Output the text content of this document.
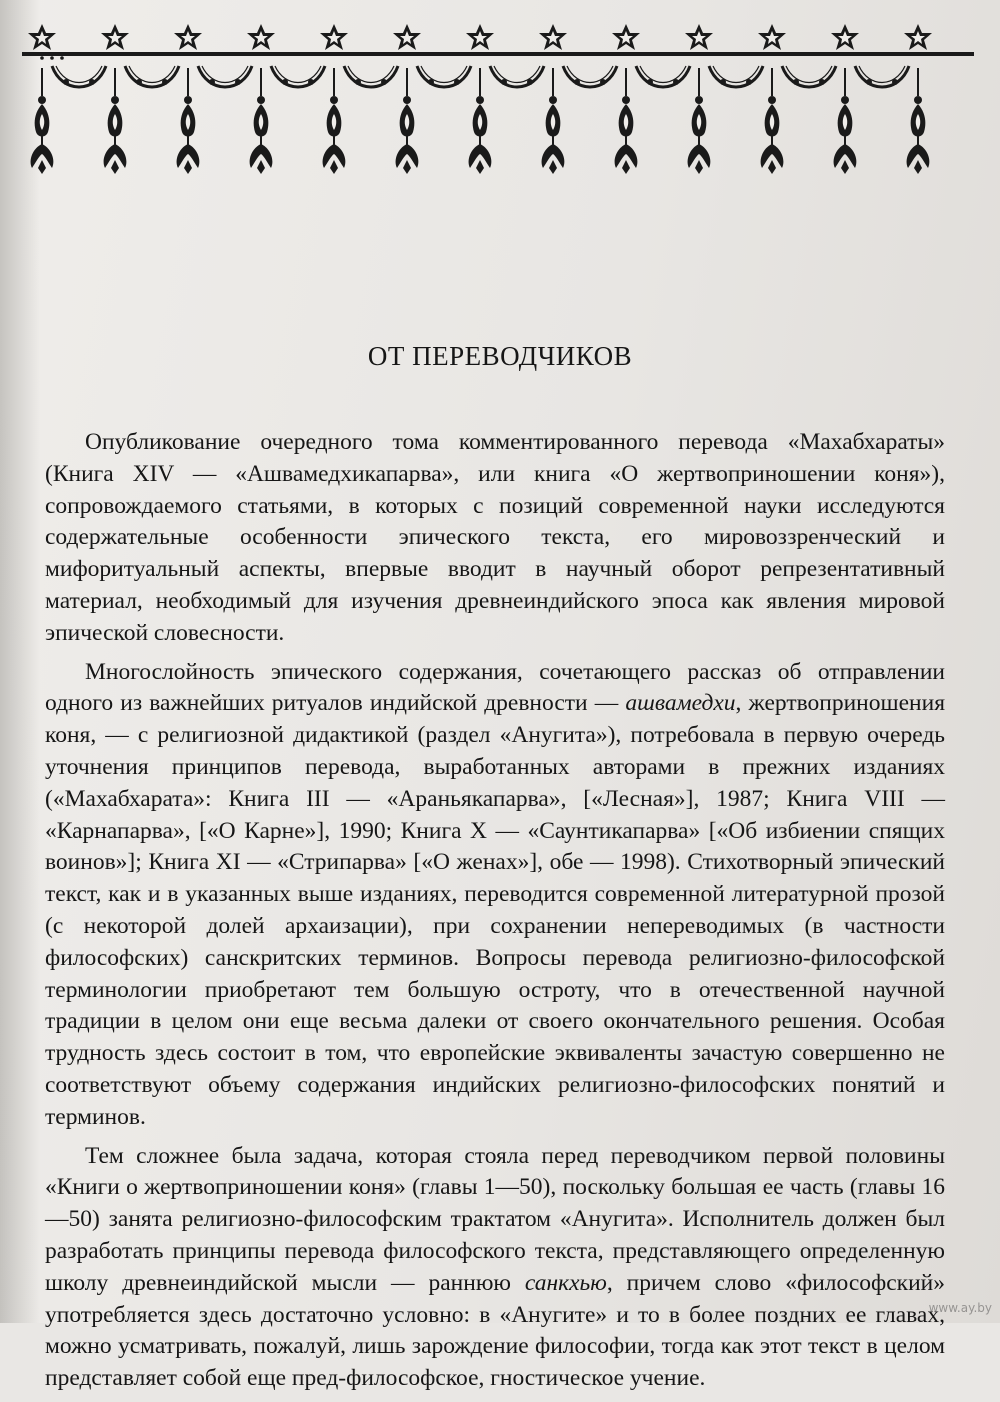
ОТ ПЕРЕВОДЧИКОВ

Опубликование очередного тома комментированного перевода «Махабхараты» (Книга XIV — «Ашвамедхикапарва», или книга «О жертвоприношении коня»), сопровождаемого статьями, в которых с позиций современной науки исследуются содержательные особенности эпического текста, его мировоззренческий и мифоритуальный аспекты, впервые вводит в научный оборот репрезентативный материал, необходимый для изучения древнеиндийского эпоса как явления мировой эпической словесности.

Многослойность эпического содержания, сочетающего рассказ об отправлении одного из важнейших ритуалов индийской древности — ашвамедхи, жертвоприношения коня, — с религиозной дидактикой (раздел «Анугита»), потребовала в первую очередь уточнения принципов перевода, выработанных авторами в прежних изданиях («Махабхарата»: Книга III — «Араньякапарва», [«Лесная»], 1987; Книга VIII — «Карнапарва», [«О Карне»], 1990; Книга X — «Саунтикапарва» [«Об избиении спящих воинов»]; Книга XI — «Стрипарва» [«О женах»], обе — 1998). Стихотворный эпический текст, как и в указанных выше изданиях, переводится современной литературной прозой (с некоторой долей архаизации), при сохранении непереводимых (в частности философских) санскритских терминов. Вопросы перевода религиозно-философской терминологии приобретают тем большую остроту, что в отечественной научной традиции в целом они еще весьма далеки от своего окончательного решения. Особая трудность здесь состоит в том, что европейские эквиваленты зачастую совершенно не соответствуют объему содержания индийских религиозно-философских понятий и терминов.

Тем сложнее была задача, которая стояла перед переводчиком первой половины «Книги о жертвоприношении коня» (главы 1—50), поскольку большая ее часть (главы 16—50) занята религиозно-философским трактатом «Анугита». Исполнитель должен был разработать принципы перевода философского текста, представляющего определенную школу древнеиндийской мысли — раннюю санкхью, причем слово «философский» употребляется здесь достаточно условно: в «Анугите» и то в более поздних ее главах, можно усматривать, пожалуй, лишь зарождение философии, тогда как этот текст в целом представляет собой еще пред-философское, гностическое учение.

www.ay.by
